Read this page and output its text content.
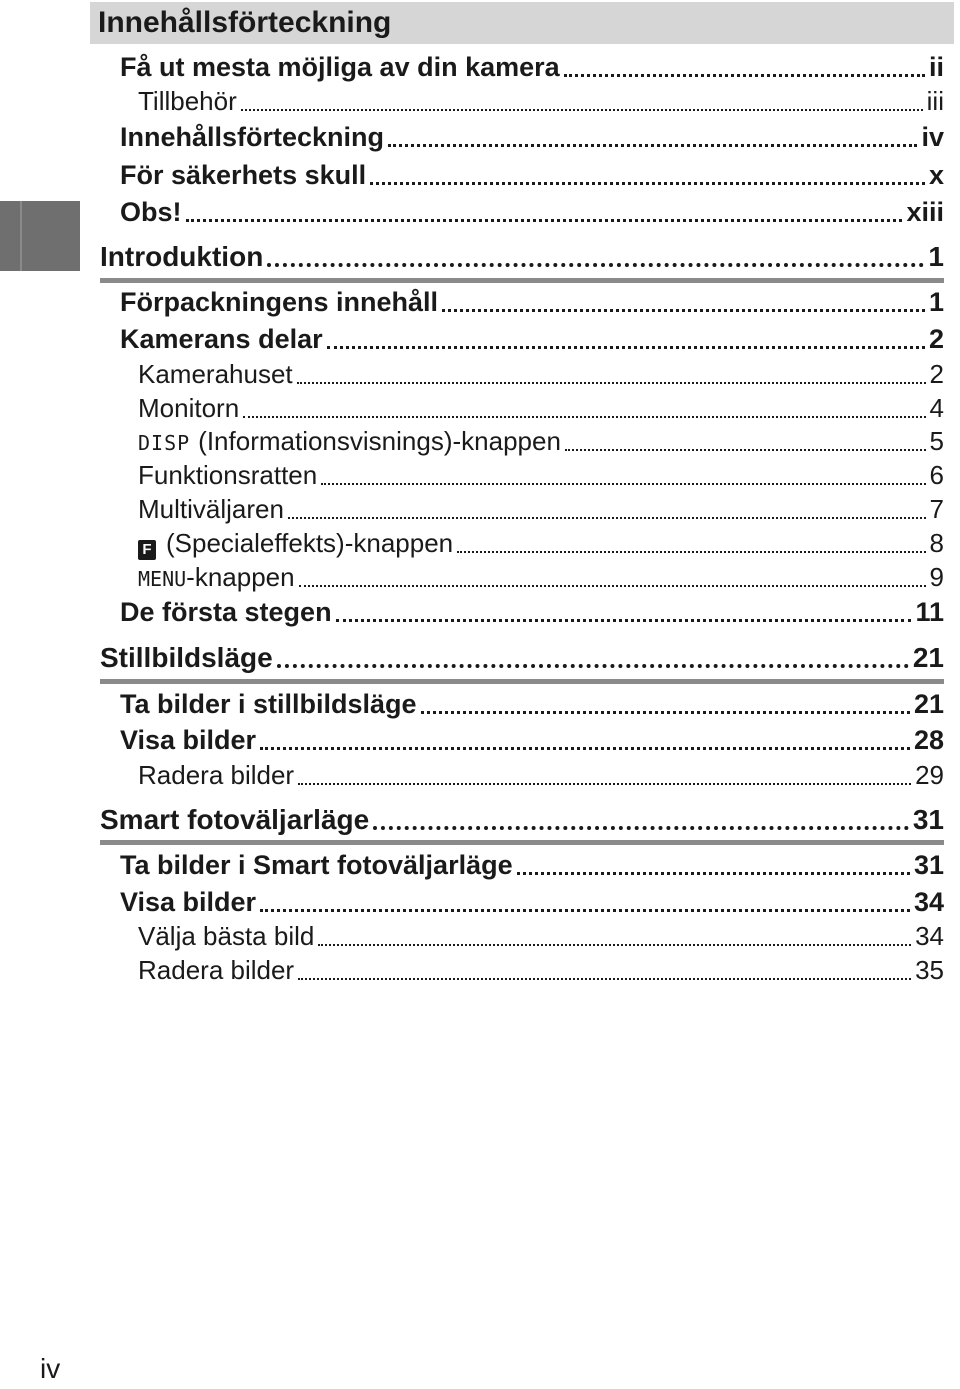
Innehållsförteckning
Få ut mesta möjliga av din kamera	ii
Tillbehör	iii
Innehållsförteckning	iv
För säkerhets skull	x
Obs!	xiii
Introduktion	1
Förpackningens innehåll	1
Kamerans delar	2
Kamerahuset	2
Monitorn	4
DISP (Informationsvisnings)-knappen	5
Funktionsratten	6
Multiväljaren	7
F (Specialeffekts)-knappen	8
MENU -knappen	9
De första stegen	11
Stillbildsläge	21
Ta bilder i stillbildsläge	21
Visa bilder	28
Radera bilder	29
Smart fotoväljarläge	31
Ta bilder i Smart fotoväljarläge	31
Visa bilder	34
Välja bästa bild	34
Radera bilder	35
iv
